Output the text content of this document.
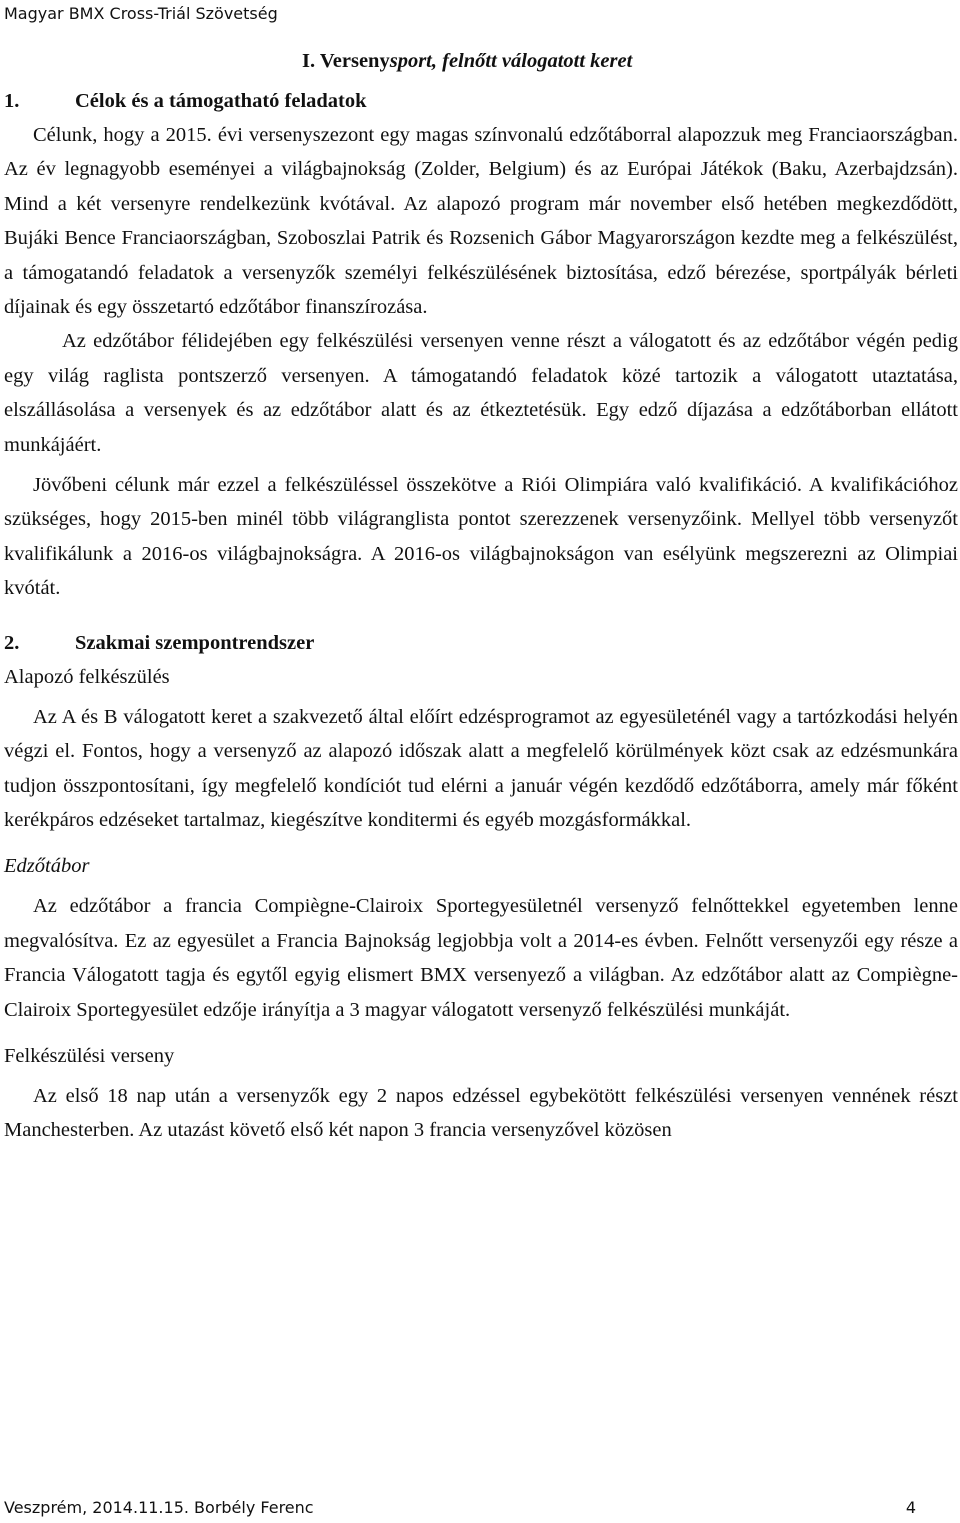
Magyar BMX Cross-Triál Szövetség

I. Versenysport, felnőtt válogatott keret

1.	Célok és a támogatható feladatok

Célunk, hogy a 2015. évi versenyszezont egy magas színvonalú edzőtáborral alapozzuk meg Franciaországban. Az év legnagyobb eseményei a világbajnokság (Zolder, Belgium) és az Európai Játékok (Baku, Azerbajdzsán). Mind a két versenyre rendelkezünk kvótával. Az alapozó program már november első hetében megkezdődött, Bujáki Bence Franciaországban, Szoboszlai Patrik és Rozsenich Gábor Magyarországon kezdte meg a felkészülést, a támogatandó feladatok a versenyzők személyi felkészülésének biztosítása, edző bérezése, sportpályák bérleti díjainak és egy összetartó edzőtábor finanszírozása.

Az edzőtábor félidejében egy felkészülési versenyen venne részt a válogatott és az edzőtábor végén pedig egy világ raglista pontszerző versenyen. A támogatandó feladatok közé tartozik a válogatott utaztatása, elszállásolása a versenyek és az edzőtábor alatt és az étkeztetésük. Egy edző díjazása a edzőtáborban ellátott munkájáért.

Jövőbeni célunk már ezzel a felkészüléssel összekötve a Riói Olimpiára való kvalifikáció. A kvalifikációhoz szükséges, hogy 2015-ben minél több világranglista pontot szerezzenek versenyzőink. Mellyel több versenyzőt kvalifikálunk a 2016-os világbajnokságra. A 2016-os világbajnokságon van esélyünk megszerezni az Olimpiai kvótát.

2.	Szakmai szempontrendszer

Alapozó felkészülés

Az A és B válogatott keret a szakvezető által előírt edzésprogramot az egyesületénél vagy a tartózkodási helyén végzi el. Fontos, hogy a versenyző az alapozó időszak alatt a megfelelő körülmények közt csak az edzésmunkára tudjon összpontosítani, így megfelelő kondíciót tud elérni a január végén kezdődő edzőtáborra, amely már főként kerékpáros edzéseket tartalmaz, kiegészítve konditermi és egyéb mozgásformákkal.

Edzőtábor

Az edzőtábor a francia Compiègne-Clairoix Sportegyesületnél versenyző felnőttekkel egyetemben lenne megvalósítva. Ez az egyesület a Francia Bajnokság legjobbja volt a 2014-es évben. Felnőtt versenyzői egy része a Francia Válogatott tagja és egytől egyig elismert BMX versenyező a világban. Az edzőtábor alatt az Compiègne-Clairoix Sportegyesület edzője irányítja a 3 magyar válogatott versenyző felkészülési munkáját.

Felkészülési verseny

Az első 18 nap után a versenyzők egy 2 napos edzéssel egybekötött felkészülési versenyen vennének részt Manchesterben. Az utazást követő első két napon 3 francia versenyzővel közösen

Veszprém, 2014.11.15. Borbély Ferenc	4
